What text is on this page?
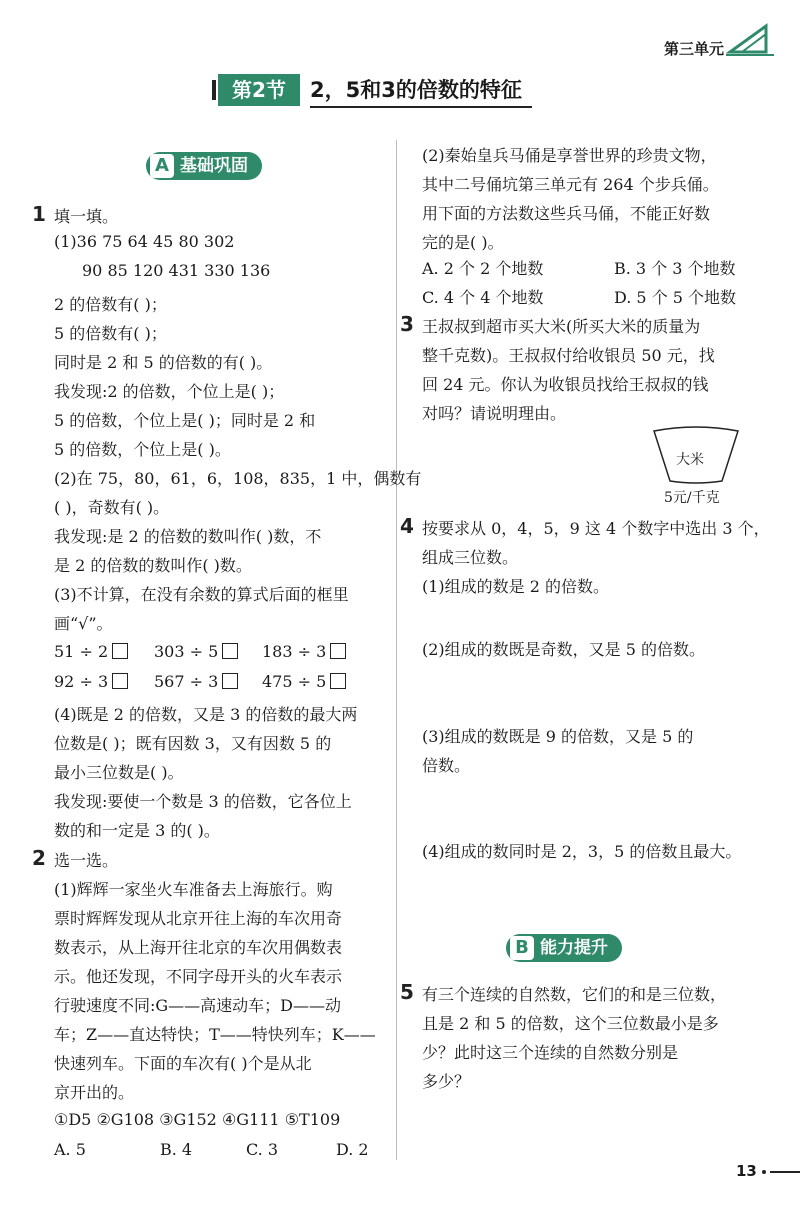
第三单元
第2节	2，5和3的倍数的特征
A 基础巩固
1 填一填。
(1)36 75 64 45 80 302
90 85 120 431 330 136
2 的倍数有( )；
5 的倍数有( )；
同时是 2 和 5 的倍数的有( )。
我发现:2 的倍数，个位上是( )；
5 的倍数，个位上是( )；同时是 2 和
5 的倍数，个位上是( )。
(2)在 75，80，61，6，108，835，1 中，偶数有
( )，奇数有( )。
我发现:是 2 的倍数的数叫作( )数，不
是 2 的倍数的数叫作( )数。
(3)不计算，在没有余数的算式后面的框里
画“√”。
51 ÷ 2	303 ÷ 5	183 ÷ 3
92 ÷ 3	567 ÷ 3	475 ÷ 5
(4)既是 2 的倍数，又是 3 的倍数的最大两
位数是( )；既有因数 3，又有因数 5 的
最小三位数是( )。
我发现:要使一个数是 3 的倍数，它各位上
数的和一定是 3 的( )。
2 选一选。
(1)辉辉一家坐火车准备去上海旅行。购
票时辉辉发现从北京开往上海的车次用奇
数表示，从上海开往北京的车次用偶数表
示。他还发现，不同字母开头的火车表示
行驶速度不同:G——高速动车；D——动
车；Z——直达特快；T——特快列车；K——
快速列车。下面的车次有( )个是从北
京开出的。
①D5 ②G108 ③G152 ④G111 ⑤T109
A. 5	B. 4	C. 3	D. 2
(2)秦始皇兵马俑是享誉世界的珍贵文物，
其中二号俑坑第三单元有 264 个步兵俑。
用下面的方法数这些兵马俑，不能正好数
完的是( )。
A. 2 个 2 个地数	B. 3 个 3 个地数
C. 4 个 4 个地数	D. 5 个 5 个地数
3 王叔叔到超市买大米(所买大米的质量为
整千克数)。王叔叔付给收银员 50 元，找
回 24 元。你认为收银员找给王叔叔的钱
对吗？请说明理由。
大米
5元/千克
4 按要求从 0，4，5，9 这 4 个数字中选出 3 个，
组成三位数。
(1)组成的数是 2 的倍数。
(2)组成的数既是奇数，又是 5 的倍数。
(3)组成的数既是 9 的倍数，又是 5 的
倍数。
(4)组成的数同时是 2，3，5 的倍数且最大。
B 能力提升
5 有三个连续的自然数，它们的和是三位数，
且是 2 和 5 的倍数，这个三位数最小是多
少？此时这三个连续的自然数分别是
多少？
13
